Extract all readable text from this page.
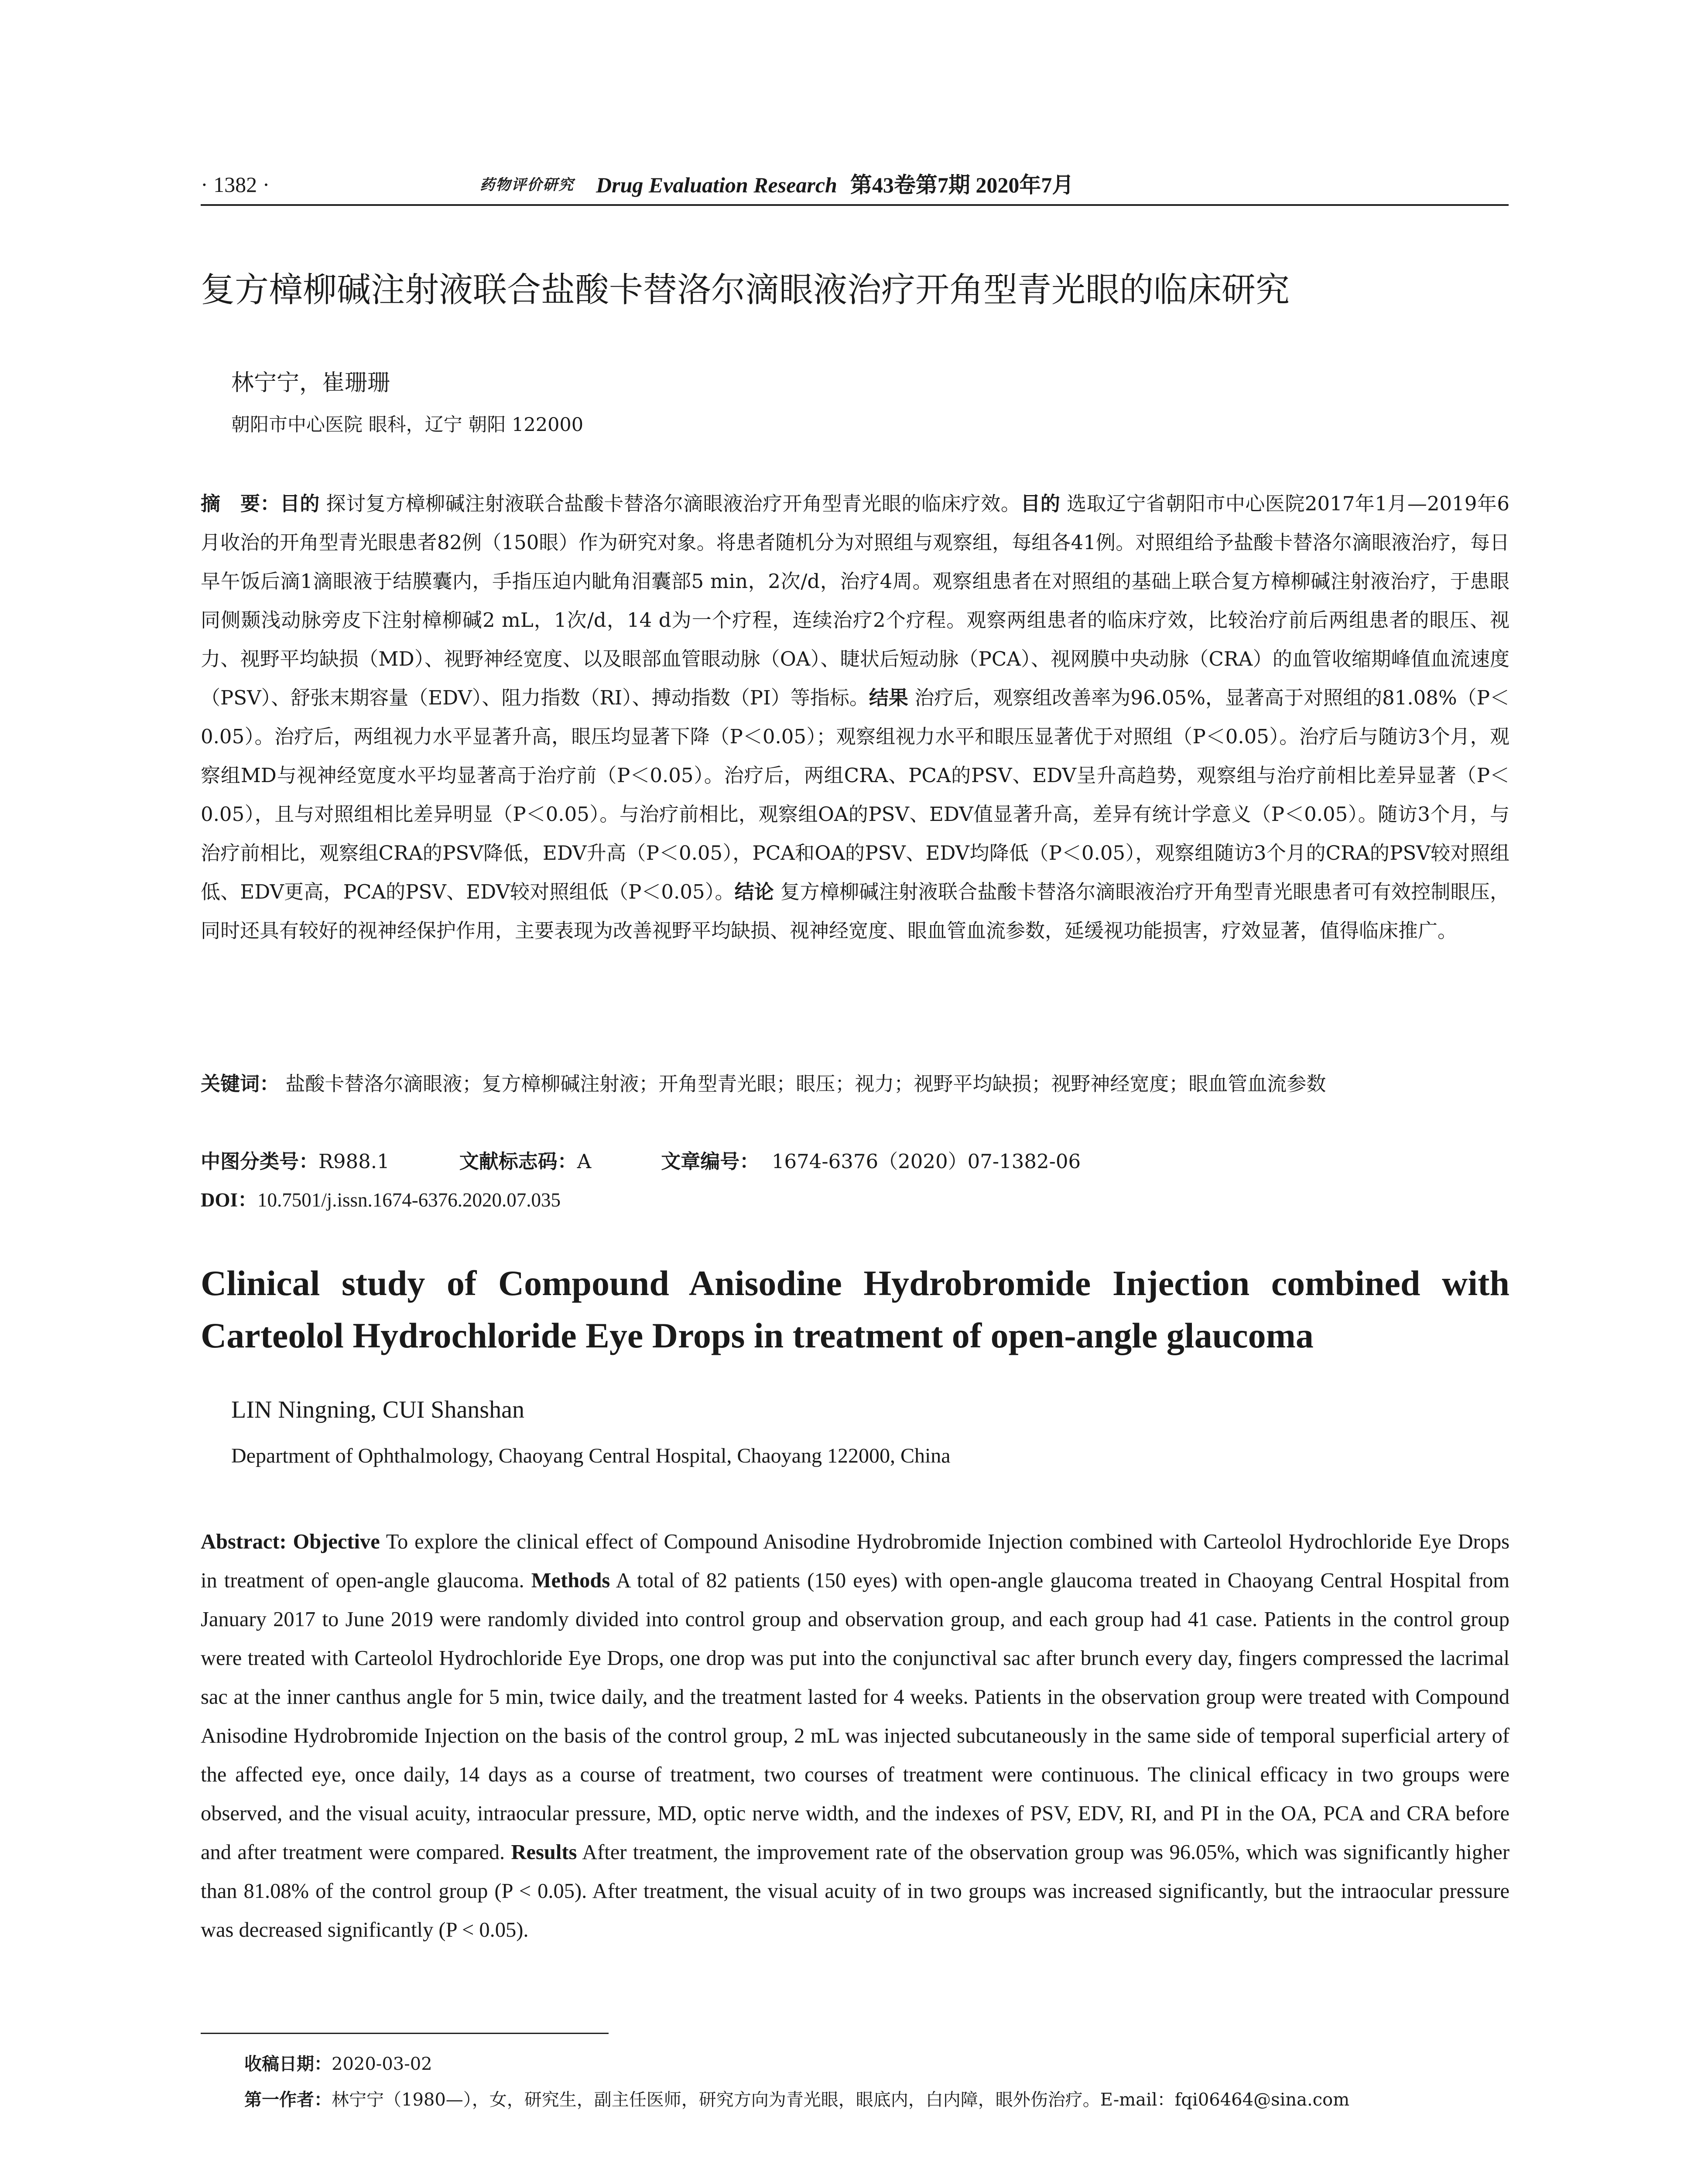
· 1382 ·	药物评价研究 Drug Evaluation Research 第43卷第7期 2020年7月
复方樟柳碱注射液联合盐酸卡替洛尔滴眼液治疗开角型青光眼的临床研究
林宁宁，崔珊珊
朝阳市中心医院 眼科，辽宁 朝阳 122000
摘　要：目的 探讨复方樟柳碱注射液联合盐酸卡替洛尔滴眼液治疗开角型青光眼的临床疗效。目的 选取辽宁省朝阳市中心医院2017年1月—2019年6月收治的开角型青光眼患者82例（150眼）作为研究对象。将患者随机分为对照组与观察组，每组各41例。对照组给予盐酸卡替洛尔滴眼液治疗，每日早午饭后滴1滴眼液于结膜囊内，手指压迫内眦角泪囊部5 min，2次/d，治疗4周。观察组患者在对照组的基础上联合复方樟柳碱注射液治疗，于患眼同侧颞浅动脉旁皮下注射樟柳碱2 mL，1次/d，14 d为一个疗程，连续治疗2个疗程。观察两组患者的临床疗效，比较治疗前后两组患者的眼压、视力、视野平均缺损（MD）、视野神经宽度、以及眼部血管眼动脉（OA）、睫状后短动脉（PCA）、视网膜中央动脉（CRA）的血管收缩期峰值血流速度（PSV）、舒张末期容量（EDV）、阻力指数（RI）、搏动指数（PI）等指标。结果 治疗后，观察组改善率为96.05%，显著高于对照组的81.08%（P＜0.05）。治疗后，两组视力水平显著升高，眼压均显著下降（P＜0.05）；观察组视力水平和眼压显著优于对照组（P＜0.05）。治疗后与随访3个月，观察组MD与视神经宽度水平均显著高于治疗前（P＜0.05）。治疗后，两组CRA、PCA的PSV、EDV呈升高趋势，观察组与治疗前相比差异显著（P＜0.05），且与对照组相比差异明显（P＜0.05）。与治疗前相比，观察组OA的PSV、EDV值显著升高，差异有统计学意义（P＜0.05）。随访3个月，与治疗前相比，观察组CRA的PSV降低，EDV升高（P＜0.05），PCA和OA的PSV、EDV均降低（P＜0.05），观察组随访3个月的CRA的PSV较对照组低、EDV更高，PCA的PSV、EDV较对照组低（P＜0.05）。结论 复方樟柳碱注射液联合盐酸卡替洛尔滴眼液治疗开角型青光眼患者可有效控制眼压，同时还具有较好的视神经保护作用，主要表现为改善视野平均缺损、视神经宽度、眼血管血流参数，延缓视功能损害，疗效显著，值得临床推广。
关键词： 盐酸卡替洛尔滴眼液；复方樟柳碱注射液；开角型青光眼；眼压；视力；视野平均缺损；视野神经宽度；眼血管血流参数
中图分类号：R988.1	文献标志码：A	文章编号： 1674-6376（2020）07-1382-06
DOI：10.7501/j.issn.1674-6376.2020.07.035
Clinical study of Compound Anisodine Hydrobromide Injection combined with Carteolol Hydrochloride Eye Drops in treatment of open-angle glaucoma
LIN Ningning, CUI Shanshan
Department of Ophthalmology, Chaoyang Central Hospital, Chaoyang 122000, China
Abstract: Objective To explore the clinical effect of Compound Anisodine Hydrobromide Injection combined with Carteolol Hydrochloride Eye Drops in treatment of open-angle glaucoma. Methods A total of 82 patients (150 eyes) with open-angle glaucoma treated in Chaoyang Central Hospital from January 2017 to June 2019 were randomly divided into control group and observation group, and each group had 41 case. Patients in the control group were treated with Carteolol Hydrochloride Eye Drops, one drop was put into the conjunctival sac after brunch every day, fingers compressed the lacrimal sac at the inner canthus angle for 5 min, twice daily, and the treatment lasted for 4 weeks. Patients in the observation group were treated with Compound Anisodine Hydrobromide Injection on the basis of the control group, 2 mL was injected subcutaneously in the same side of temporal superficial artery of the affected eye, once daily, 14 days as a course of treatment, two courses of treatment were continuous. The clinical efficacy in two groups were observed, and the visual acuity, intraocular pressure, MD, optic nerve width, and the indexes of PSV, EDV, RI, and PI in the OA, PCA and CRA before and after treatment were compared. Results After treatment, the improvement rate of the observation group was 96.05%, which was significantly higher than 81.08% of the control group (P < 0.05). After treatment, the visual acuity of in two groups was increased significantly, but the intraocular pressure was decreased significantly (P < 0.05).
收稿日期：2020-03-02
第一作者：林宁宁（1980—），女，研究生，副主任医师，研究方向为青光眼，眼底内，白内障，眼外伤治疗。E-mail：fqi06464@sina.com
